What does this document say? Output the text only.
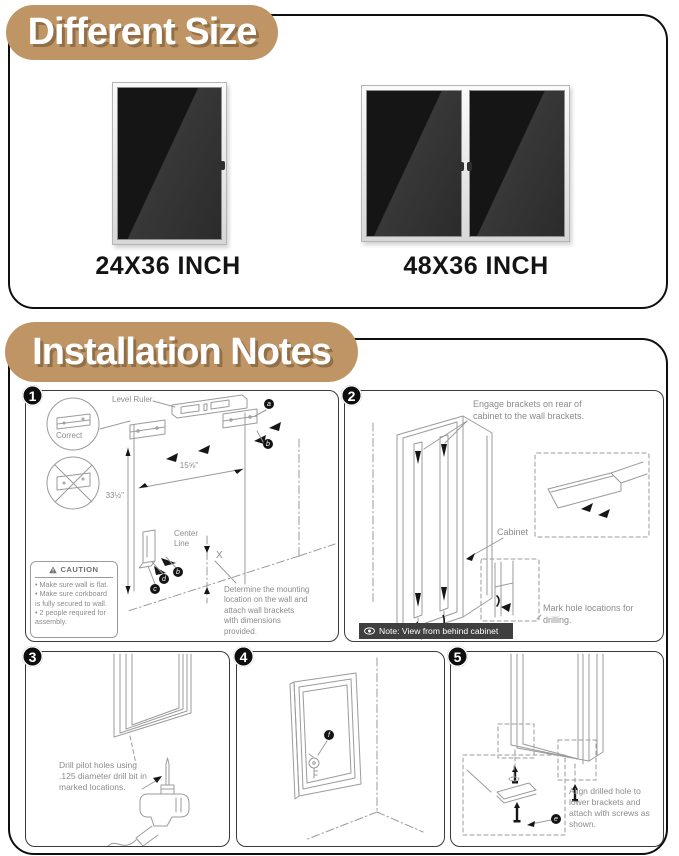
Different Size
24X36 INCH	48X36 INCH
Installation Notes
1	Level Ruler
Correct
15⅝"
33½"
Center Line
X
a
b
c
d
b
CAUTION
• Make sure wall is flat.
• Make sure corkboard is fully secured to wall.
• 2 people required for assembly.
Determine the mounting location on the wall and attach wall brackets with dimensions provided.
2
Engage brackets on rear of cabinet to the wall brackets.
Cabinet
Mark hole locations for drilling.
Note: View from behind cabinet
3
Drill pilot holes using .125 diameter drill bit in marked locations.
4
f
5
e
Align drilled hole to lower brackets and attach with screws as shown.
